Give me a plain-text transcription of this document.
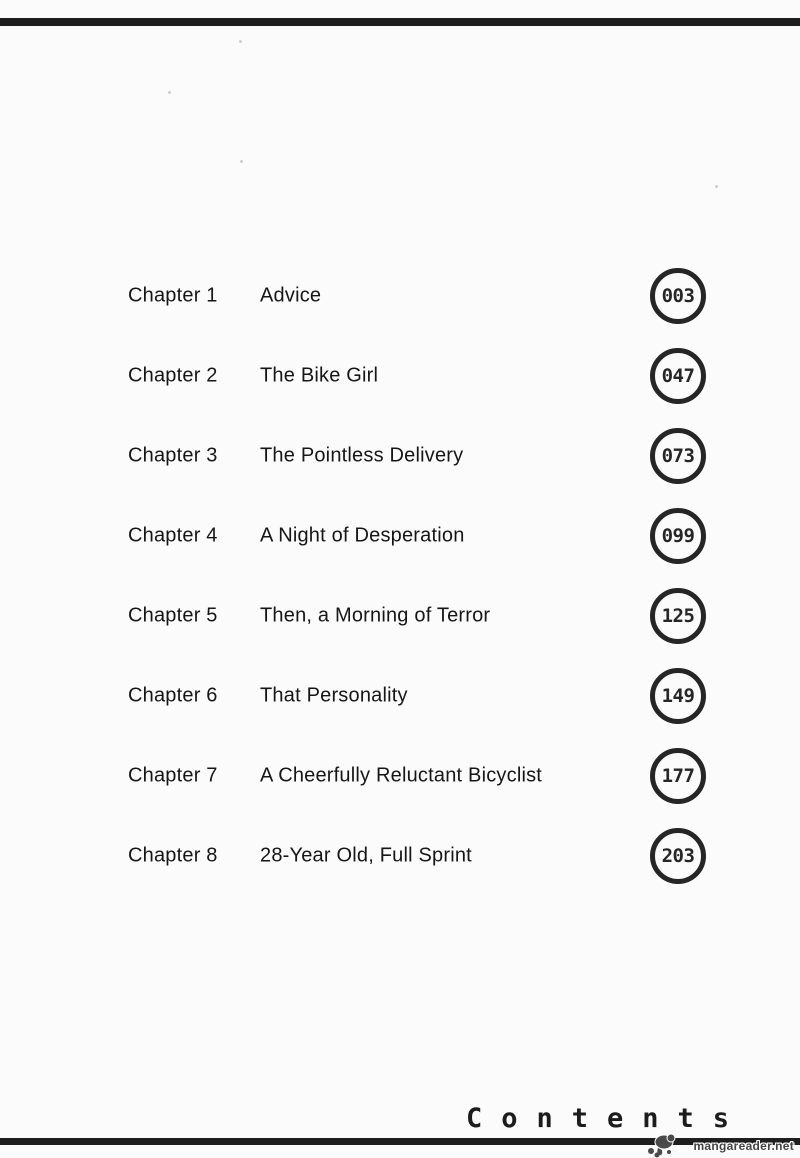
Chapter 1 Advice	003
Chapter 2 The Bike Girl	047
Chapter 3 The Pointless Delivery	073
Chapter 4 A Night of Desperation	099
Chapter 5 Then, a Morning of Terror	125
Chapter 6 That Personality	149
Chapter 7 A Cheerfully Reluctant Bicyclist	177
Chapter 8 28-Year Old, Full Sprint	203
Contents
mangareader.net
